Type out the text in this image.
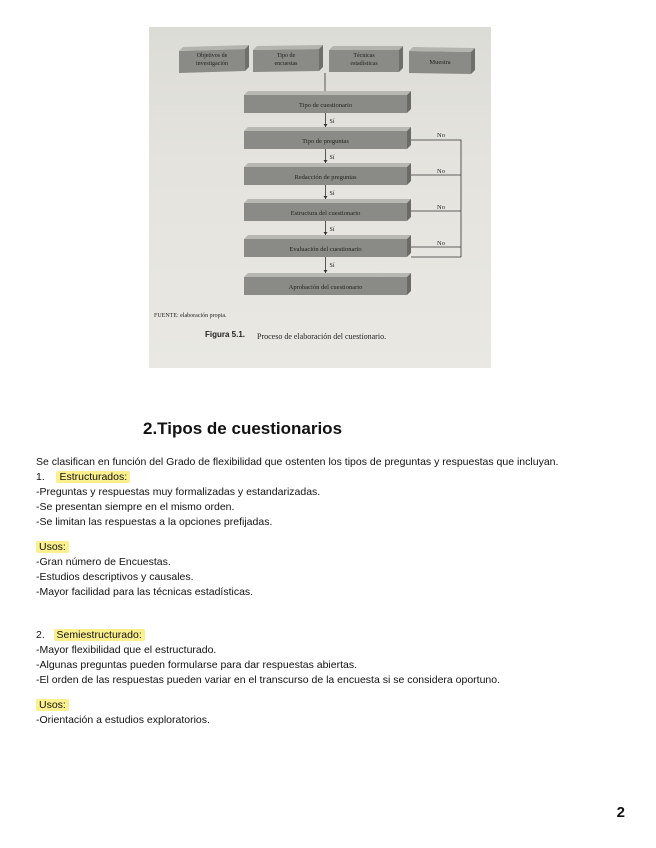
Objetivos de
investigación
Tipo de
encuestas
Técnicas
estadísticas	Muestra
Tipo de cuestionario
Sí
Tipo de preguntas
Sí
Redacción de preguntas
Sí
Estructura del cuestionario
Sí
Evaluación del cuestionario
Sí
Aprobación del cuestionario
No
No
No
No
FUENTE: elaboración propia.
Figura 5.1. Proceso de elaboración del cuestionario.
2.Tipos de cuestionarios

Se clasifican en función del Grado de flexibilidad que ostenten los tipos de preguntas y respuestas que incluyan.

1. Estructurados:

-Preguntas y respuestas muy formalizadas y estandarizadas.

-Se presentan siempre en el mismo orden.

-Se limitan las respuestas a la opciones prefijadas.

Usos:

-Gran número de Encuestas.

-Estudios descriptivos y causales.

-Mayor facilidad para las técnicas estadísticas.

2. Semiestructurado:

-Mayor flexibilidad que el estructurado.

-Algunas preguntas pueden formularse para dar respuestas abiertas.

-El orden de las respuestas pueden variar en el transcurso de la encuesta si se considera oportuno.

Usos:

-Orientación a estudios exploratorios.

2
